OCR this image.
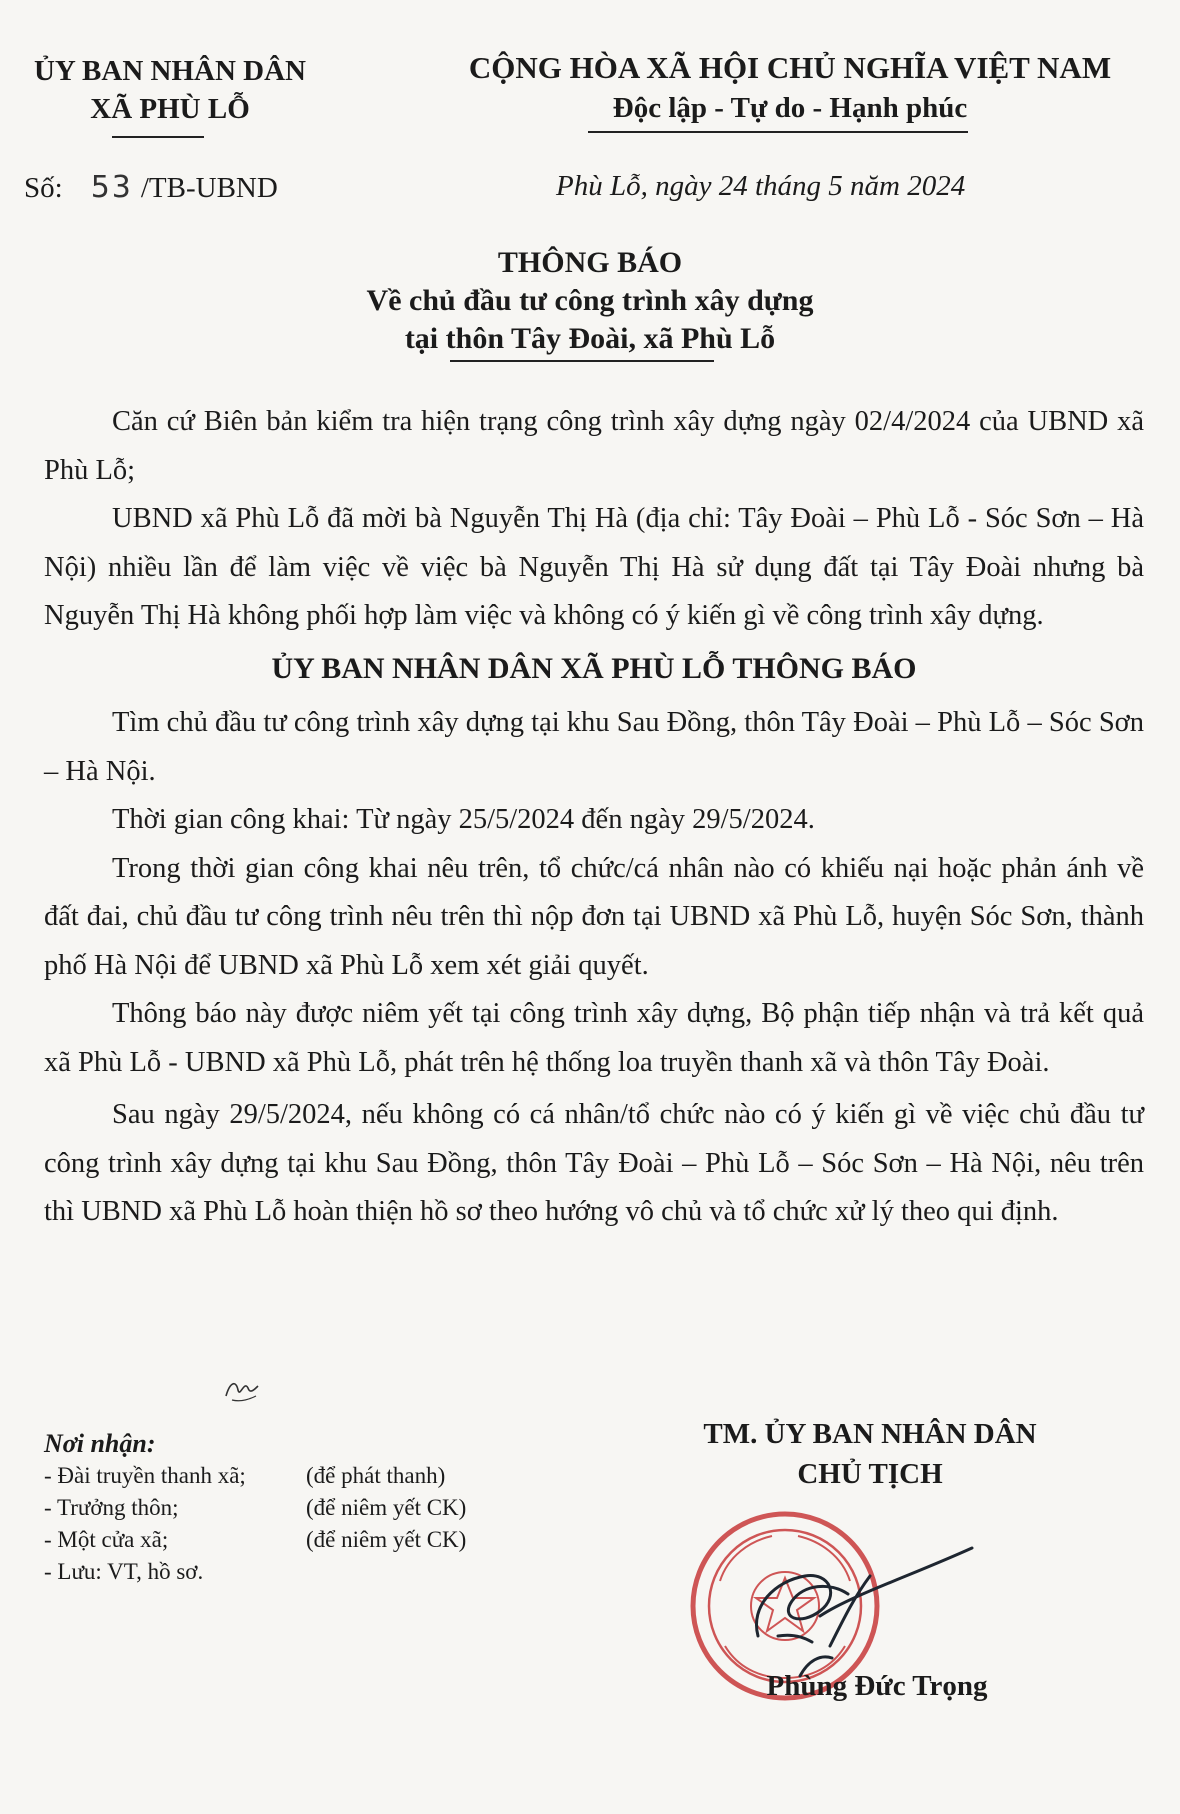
ỦY BAN NHÂN DÂN
XÃ PHÙ LỖ
CỘNG HÒA XÃ HỘI CHỦ NGHĨA VIỆT NAM
Độc lập - Tự do - Hạnh phúc
Số: 53 /TB-UBND	Phù Lỗ, ngày 24 tháng 5 năm 2024
THÔNG BÁO
Về chủ đầu tư công trình xây dựng
tại thôn Tây Đoài, xã Phù Lỗ

Căn cứ Biên bản kiểm tra hiện trạng công trình xây dựng ngày 02/4/2024 của UBND xã Phù Lỗ;

UBND xã Phù Lỗ đã mời bà Nguyễn Thị Hà (địa chỉ: Tây Đoài – Phù Lỗ - Sóc Sơn – Hà Nội) nhiều lần để làm việc về việc bà Nguyễn Thị Hà sử dụng đất tại Tây Đoài nhưng bà Nguyễn Thị Hà không phối hợp làm việc và không có ý kiến gì về công trình xây dựng.

ỦY BAN NHÂN DÂN XÃ PHÙ LỖ THÔNG BÁO

Tìm chủ đầu tư công trình xây dựng tại khu Sau Đồng, thôn Tây Đoài – Phù Lỗ – Sóc Sơn – Hà Nội.

Thời gian công khai: Từ ngày 25/5/2024 đến ngày 29/5/2024.

Trong thời gian công khai nêu trên, tổ chức/cá nhân nào có khiếu nại hoặc phản ánh về đất đai, chủ đầu tư công trình nêu trên thì nộp đơn tại UBND xã Phù Lỗ, huyện Sóc Sơn, thành phố Hà Nội để UBND xã Phù Lỗ xem xét giải quyết.

Thông báo này được niêm yết tại công trình xây dựng, Bộ phận tiếp nhận và trả kết quả xã Phù Lỗ - UBND xã Phù Lỗ, phát trên hệ thống loa truyền thanh xã và thôn Tây Đoài.

Sau ngày 29/5/2024, nếu không có cá nhân/tổ chức nào có ý kiến gì về việc chủ đầu tư công trình xây dựng tại khu Sau Đồng, thôn Tây Đoài – Phù Lỗ – Sóc Sơn – Hà Nội, nêu trên thì UBND xã Phù Lỗ hoàn thiện hồ sơ theo hướng vô chủ và tổ chức xử lý theo qui định.

Nơi nhận:
- Đài truyền thanh xã;	(để phát thanh)
- Trưởng thôn;	(để niêm yết CK)
- Một cửa xã;	(để niêm yết CK)
- Lưu: VT, hồ sơ.
TM. ỦY BAN NHÂN DÂN
CHỦ TỊCH
Phùng Đức Trọng
